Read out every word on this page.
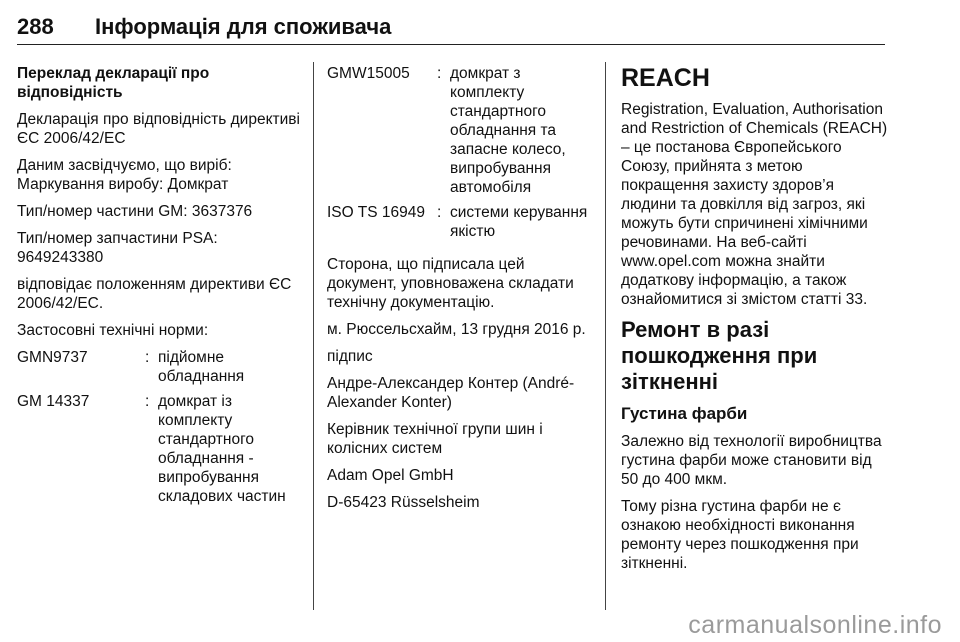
288	Інформація для споживача

Переклад декларації про відповідність

Декларація про відповідність директиві ЄС 2006/42/ЕС

Даним засвідчуємо, що виріб: Маркування виробу: Домкрат

Тип/номер частини GM: 3637376

Тип/номер запчастини PSA: 9649243380

відповідає положенням директиви ЄС 2006/42/ЕС.

Застосовні технічні норми:

GMN9737	: підйомне обладнання
GM 14337	: домкрат із комплекту стандартного обладнання - випробування складових частин
GMW15005	: домкрат з комплекту стандартного обладнання та запасне колесо, випробування автомобіля
ISO TS 16949 : системи керування якістю

Сторона, що підписала цей документ, уповноважена складати технічну документацію.

м. Рюссельсхайм, 13 грудня 2016 р.

підпис

Андре-Александер Контер (André-Alexander Konter)

Керівник технічної групи шин і колісних систем

Adam Opel GmbH

D-65423 Rüsselsheim

REACH

Registration, Evaluation, Authorisation and Restriction of Chemicals (REACH) – це постанова Європейського Союзу, прийнята з метою покращення захисту здоров’я людини та довкілля від загроз, які можуть бути спричинені хімічними речовинами. На веб-сайті www.opel.com можна знайти додаткову інформацію, а також ознайомитися зі змістом статті 33.

Ремонт в разі пошкодження при зіткненні

Густина фарби

Залежно від технології виробництва густина фарби може становити від 50 до 400 мкм.

Тому різна густина фарби не є ознакою необхідності виконання ремонту через пошкодження при зіткненні.

carmanualsonline.info
